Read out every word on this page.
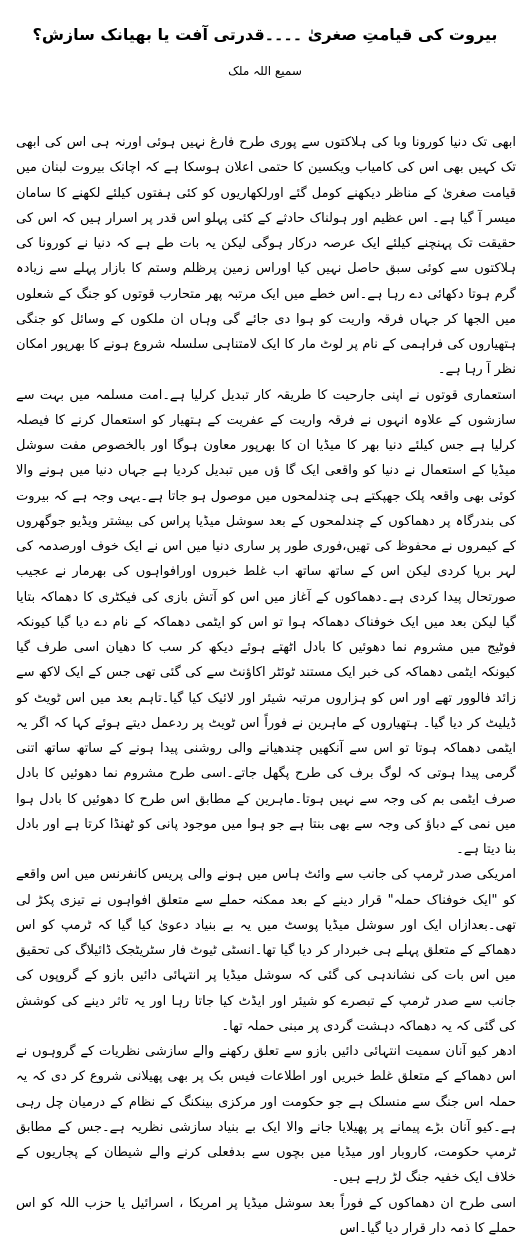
بیروت کی قیامتِ صغریٰ ۔۔۔۔قدرتی آفت یا بھیانک سازش؟
سمیع اللہ ملک

ابھی تک دنیا کورونا وبا کی ہلاکتوں سے پوری طرح فارغ نہیں ہوئی اورنہ ہی اس کی ابھی تک کہیں بھی اس کی کامیاب ویکسین کا حتمی اعلان ہوسکا ہے کہ اچانک بیروت لبنان میں قیامت صغریٰ کے مناظر دیکھنے کومل گئے اورلکھاریوں کو کئی ہفتوں کیلئے لکھنے کا سامان میسر آ گیا ہے۔ اس عظیم اور ہولناک حادثے کے کئی پہلو اس قدر پر اسرار ہیں کہ اس کی حقیقت تک پہنچنے کیلئے ایک عرصہ درکار ہوگی لیکن یہ بات طے ہے کہ دنیا نے کورونا کی ہلاکتوں سے کوئی سبق حاصل نہیں کیا اوراس زمین پرظلم وستم کا بازار پہلے سے زیادہ گرم ہوتا دکھائی دے رہا ہے۔اس خطے میں ایک مرتبہ پھر متحارب قوتوں کو جنگ کے شعلوں میں الجھا کر جہاں فرقہ واریت کو ہوا دی جائے گی وہاں ان ملکوں کے وسائل کو جنگی ہتھیاروں کی فراہمی کے نام پر لوٹ مار کا ایک لامتناہی سلسلہ شروع ہونے کا بھرپور امکان نظر آ رہا ہے۔

استعماری قوتوں نے اپنی جارحیت کا طریقہ کار تبدیل کرلیا ہے۔امت مسلمہ میں بہت سے سازشوں کے علاوہ انہوں نے فرقہ واریت کے عفریت کے ہتھیار کو استعمال کرنے کا فیصلہ کرلیا ہے جس کیلئے دنیا بھر کا میڈیا ان کا بھرپور معاون ہوگا اور بالخصوص مفت سوشل میڈیا کے استعمال نے دنیا کو واقعی ایک گا ؤں میں تبدیل کردیا ہے جہاں دنیا میں ہونے والا کوئی بھی واقعہ پلک جھپکتے ہی چندلمحوں میں موصول ہو جاتا ہے۔یہی وجہ ہے کہ بیروت کی بندرگاہ پر دھماکوں کے چندلمحوں کے بعد سوشل میڈیا پراس کی بیشتر ویڈیو جوگھروں کے کیمروں نے محفوظ کی تھیں،فوری طور پر ساری دنیا میں اس نے ایک خوف اورصدمہ کی لہر برپا کردی لیکن اس کے ساتھ ساتھ اب غلط خبروں اورافواہوں کی بھرمار نے عجیب صورتحال پیدا کردی ہے۔دھماکوں کے آغاز میں اس کو آتش بازی کی فیکٹری کا دھماکہ بتایا گیا لیکن بعد میں ایک خوفناک دھماکہ ہوا تو اس کو ایٹمی دھماکہ کے نام دے دیا گیا کیونکہ فوٹیج میں مشروم نما دھوئیں کا بادل اٹھتے ہوئے دیکھ کر سب کا دھیان اسی طرف گیا کیونکہ ایٹمی دھماکہ کی خبر ایک مستند ٹوئٹر اکاؤنٹ سے کی گئی تھی جس کے ایک لاکھ سے زائد فالوور تھے اور اس کو ہزاروں مرتبہ شیئر اور لائیک کیا گیا۔تاہم بعد میں اس ٹویٹ کو ڈیلیٹ کر دیا گیا۔ ہتھیاروں کے ماہرین نے فوراً اس ٹویٹ پر ردعمل دیتے ہوئے کہا کہ اگر یہ ایٹمی دھماکہ ہوتا تو اس سے آنکھیں چندھیانے والی روشنی پیدا ہونے کے ساتھ ساتھ اتنی گرمی پیدا ہوتی کہ لوگ برف کی طرح پگھل جاتے۔اسی طرح مشروم نما دھوئیں کا بادل صرف ایٹمی بم کی وجہ سے نہیں ہوتا۔ماہرین کے مطابق اس طرح کا دھوئیں کا بادل ہوا میں نمی کے دباؤ کی وجہ سے بھی بنتا ہے جو ہوا میں موجود پانی کو ٹھنڈا کرتا ہے اور بادل بنا دیتا ہے۔

امریکی صدر ٹرمپ کی جانب سے وائٹ ہاس میں ہونے والی پریس کانفرنس میں اس واقعے کو "ایک خوفناک حملہ" قرار دینے کے بعد ممکنہ حملے سے متعلق افواہوں نے تیزی پکڑ لی تھی۔بعدازاں ایک اور سوشل میڈیا پوسٹ میں یہ بے بنیاد دعویٰ کیا گیا کہ ٹرمپ کو اس دھماکے کے متعلق پہلے ہی خبردار کر دیا گیا تھا۔انسٹی ٹیوٹ فار سٹریٹجک ڈائیلاگ کی تحقیق میں اس بات کی نشاندہی کی گئی کہ سوشل میڈیا پر انتہائی دائیں بازو کے گروپوں کی جانب سے صدر ٹرمپ کے تبصرے کو شیئر اور ایڈٹ کیا جاتا رہا اور یہ تاثر دینے کی کوشش کی گئی کہ یہ دھماکہ دہشت گردی پر مبنی حملہ تھا۔

ادھر کیو آنان سمیت انتہائی دائیں بازو سے تعلق رکھنے والے سازشی نظریات کے گروہوں نے اس دھماکے کے متعلق غلط خبریں اور اطلاعات فیس بک پر بھی پھیلانی شروع کر دی کہ یہ حملہ اس جنگ سے منسلک ہے جو حکومت اور مرکزی بینکنگ کے نظام کے درمیان چل رہی ہے۔کیو آنان بڑے پیمانے پر پھیلایا جانے والا ایک بے بنیاد سازشی نظریہ ہے۔جس کے مطابق ٹرمپ حکومت، کاروبار اور میڈیا میں بچوں سے بدفعلی کرنے والے شیطان کے پجاریوں کے خلاف ایک خفیہ جنگ لڑ رہے ہیں۔

اسی طرح ان دھماکوں کے فوراً بعد سوشل میڈیا پر امریکا ، اسرائیل یا حزب اللہ کو اس حملے کا ذمہ دار قرار دیا گیا۔اس
